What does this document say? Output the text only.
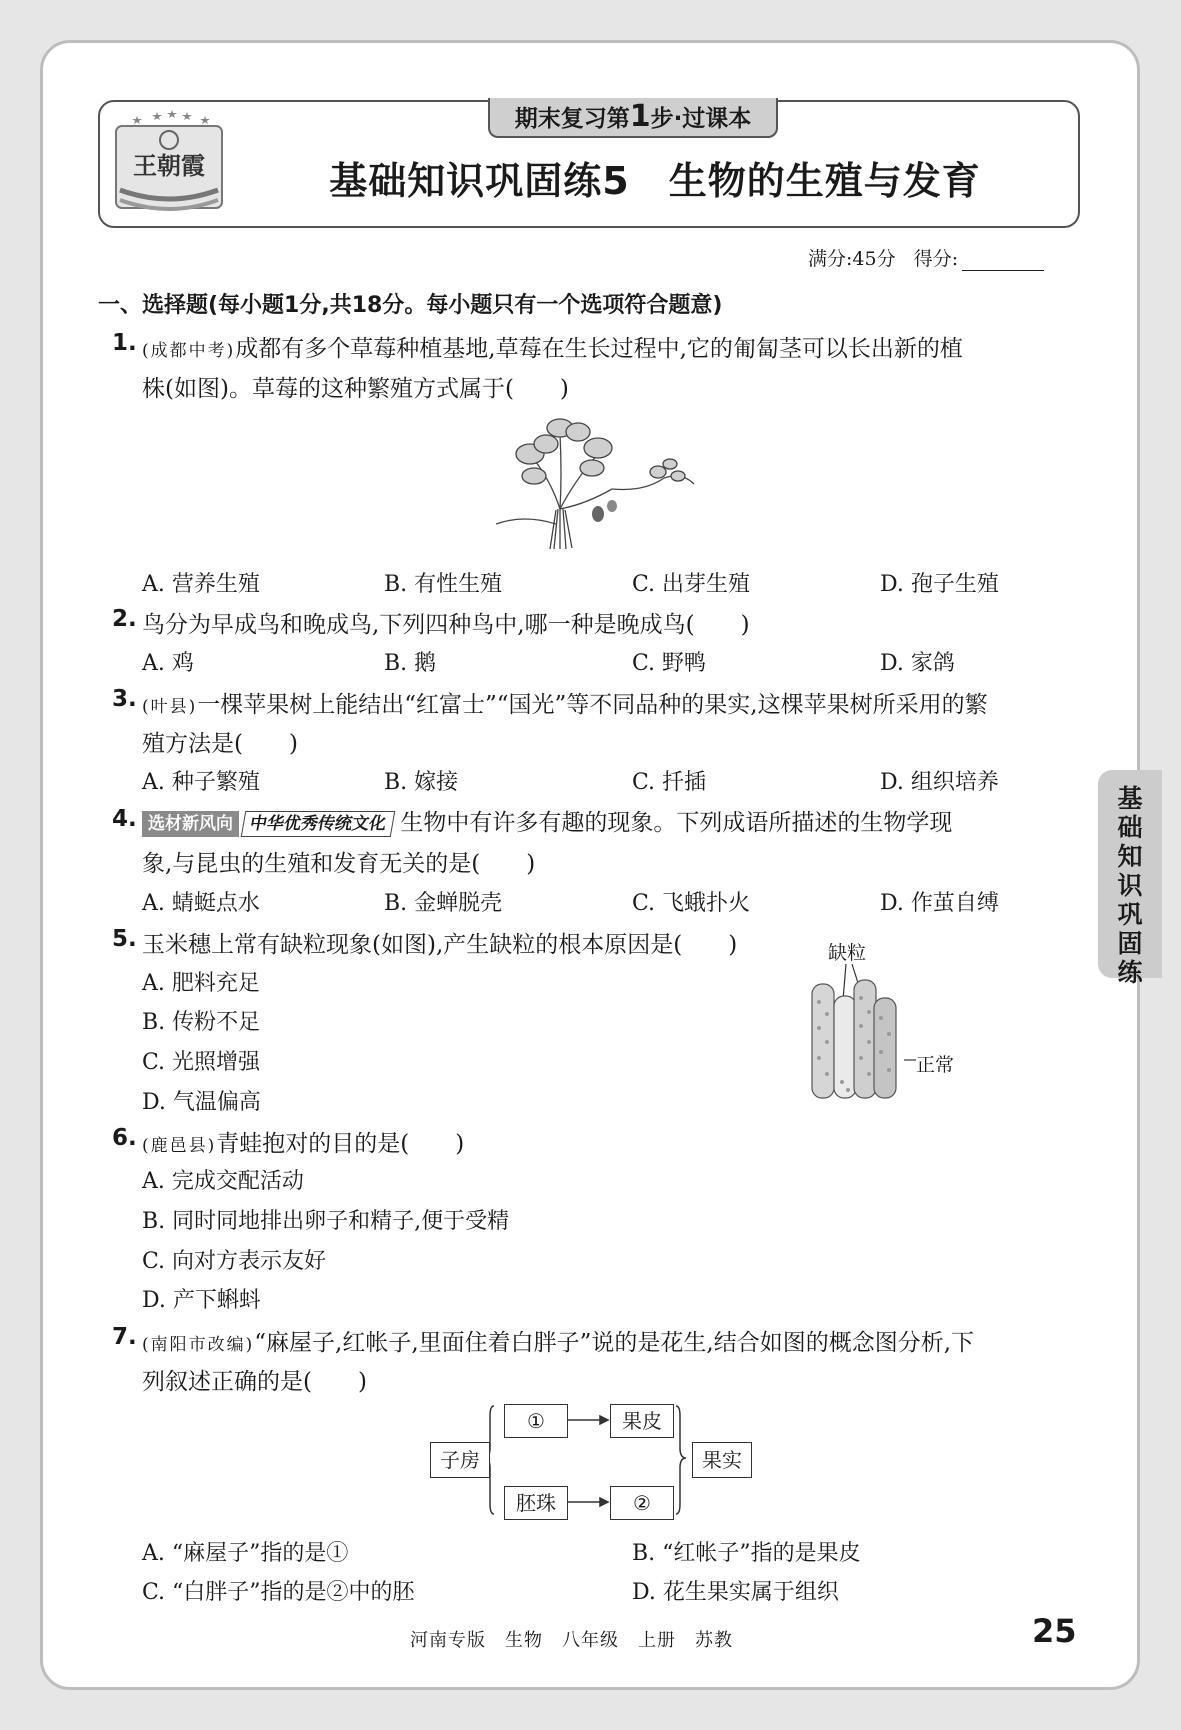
王朝霞
期末复习第1步·过课本
基础知识巩固练5　生物的生殖与发育
满分:45分 得分:
一、选择题(每小题1分,共18分。每小题只有一个选项符合题意)
1. (成都中考)成都有多个草莓种植基地,草莓在生长过程中,它的匍匐茎可以长出新的植
株(如图)。草莓的这种繁殖方式属于(　　)
A. 营养生殖	B. 有性生殖	C. 出芽生殖	D. 孢子生殖
2. 鸟分为早成鸟和晚成鸟,下列四种鸟中,哪一种是晚成鸟(　　)
A. 鸡	B. 鹅	C. 野鸭	D. 家鸽
3. (叶县)一棵苹果树上能结出“红富士”“国光”等不同品种的果实,这棵苹果树所采用的繁
殖方法是(　　)
A. 种子繁殖	B. 嫁接	C. 扦插	D. 组织培养
4. 选材新风向 中华优秀传统文化 生物中有许多有趣的现象。下列成语所描述的生物学现
象,与昆虫的生殖和发育无关的是(　　)
A. 蜻蜓点水	B. 金蝉脱壳	C. 飞蛾扑火	D. 作茧自缚
5. 玉米穗上常有缺粒现象(如图),产生缺粒的根本原因是(　　)
A. 肥料充足
B. 传粉不足
C. 光照增强
D. 气温偏高
缺粒
正常
6. (鹿邑县)青蛙抱对的目的是(　　)
A. 完成交配活动
B. 同时同地排出卵子和精子,便于受精
C. 向对方表示友好
D. 产下蝌蚪
7. (南阳市改编)“麻屋子,红帐子,里面住着白胖子”说的是花生,结合如图的概念图分析,下
列叙述正确的是(　　)
子房
①	果皮
胚珠	②
果实
A. “麻屋子”指的是①	B. “红帐子”指的是果皮
C. “白胖子”指的是②中的胚	D. 花生果实属于组织
基
础
知
识
巩
固
练
河南专版　生物　八年级　上册　苏教	25
